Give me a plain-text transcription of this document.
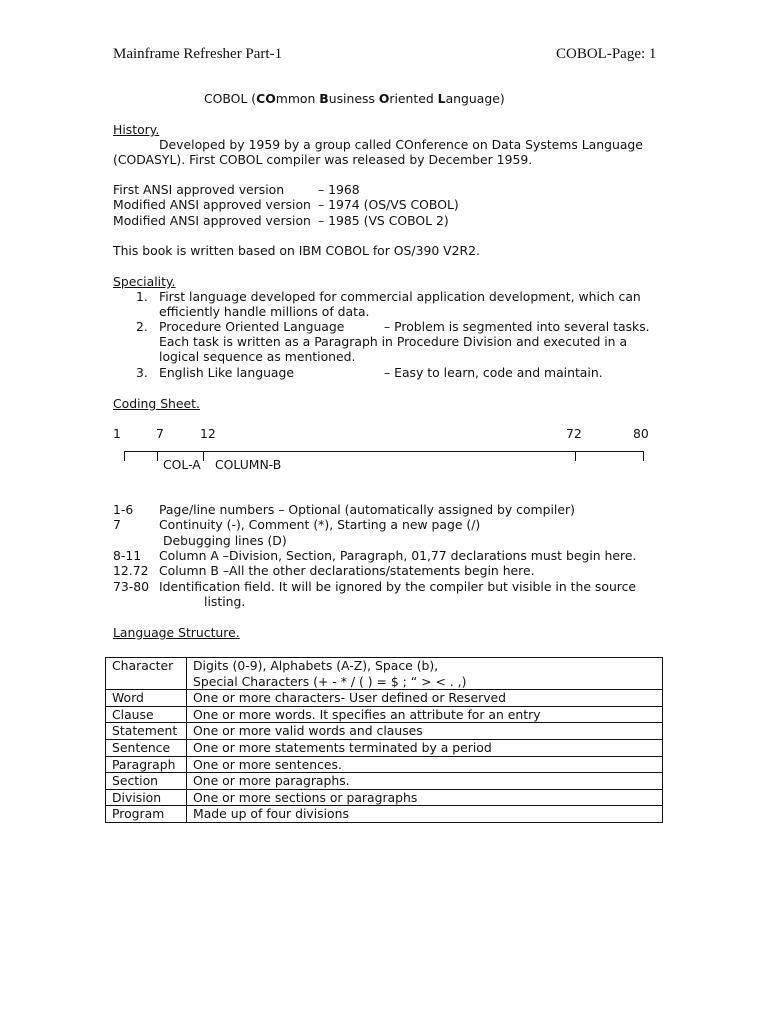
Mainframe Refresher Part-1	COBOL-Page: 1
COBOL (COmmon Business Oriented Language)
History.
Developed by 1959 by a group called COnference on Data Systems Language
(CODASYL). First COBOL compiler was released by December 1959.
First ANSI approved version	– 1968
Modified ANSI approved version – 1974 (OS/VS COBOL)
Modified ANSI approved version – 1985 (VS COBOL 2)
This book is written based on IBM COBOL for OS/390 V2R2.
Speciality.
1. First language developed for commercial application development, which can
efficiently handle millions of data.
2. Procedure Oriented Language	– Problem is segmented into several tasks.
Each task is written as a Paragraph in Procedure Division and executed in a
logical sequence as mentioned.
3. English Like language	– Easy to learn, code and maintain.
Coding Sheet.
1	7	12	72	80
COL-A COLUMN-B
1-6 Page/line numbers – Optional (automatically assigned by compiler)
7	Continuity (-), Comment (*), Starting a new page (/)
Debugging lines (D)
8-11 Column A –Division, Section, Paragraph, 01,77 declarations must begin here.
12.72 Column B –All the other declarations/statements begin here.
73-80 Identification field. It will be ignored by the compiler but visible in the source
listing.
Language Structure.
Character	Digits (0-9), Alphabets (A-Z), Space (b),
Special Characters (+ - * / ( ) = $ ; “ > < . ,)

Word	One or more characters- User defined or Reserved
Clause	One or more words. It specifies an attribute for an entry
Statement	One or more valid words and clauses
Sentence	One or more statements terminated by a period
Paragraph	One or more sentences.
Section	One or more paragraphs.
Division	One or more sections or paragraphs
Program	Made up of four divisions
